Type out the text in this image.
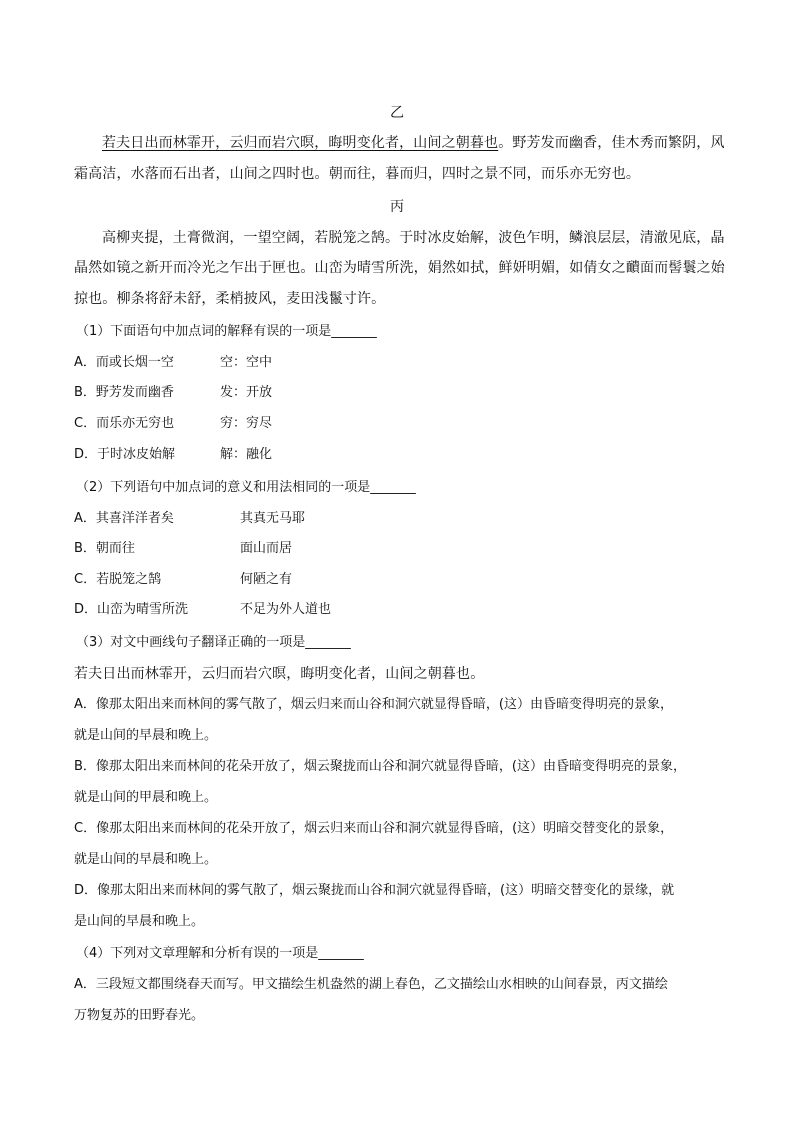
乙

若夫日出而林霏开，云归而岩穴暝，晦明变化者，山间之朝暮也。野芳发而幽香，佳木秀而繁阴，风

霜高洁，水落而石出者，山间之四时也。朝而往，暮而归，四时之景不同，而乐亦无穷也。

丙

高柳夹提，土膏微润，一望空阔，若脱笼之鹄。于时冰皮始解，波色乍明，鳞浪层层，清澈见底，晶

晶然如镜之新开而冷光之乍出于匣也。山峦为晴雪所洗，娟然如拭，鲜妍明媚，如倩女之靧面而髻鬟之始

掠也。柳条将舒未舒，柔梢披风，麦田浅鬣寸许。

（1）下面语句中加点词的解释有误的一项是_______

A．而或长烟一空	空：空中

B．野芳发而幽香	发：开放

C．而乐亦无穷也	穷：穷尽

D．于时冰皮始解	解：融化

（2）下列语句中加点词的意义和用法相同的一项是_______

A．其喜洋洋者矣	其真无马耶

B．朝而往	面山而居

C．若脱笼之鹄	何陋之有

D．山峦为晴雪所洗	不足为外人道也

（3）对文中画线句子翻译正确的一项是_______

若夫日出而林霏开，云归而岩穴暝，晦明变化者，山间之朝暮也。

A．像那太阳出来而林间的雾气散了，烟云归来而山谷和洞穴就显得昏暗，(这）由昏暗变得明亮的景象，

就是山间的早晨和晚上。

B．像那太阳出来而林间的花朵开放了，烟云聚拢而山谷和洞穴就显得昏暗，(这）由昏暗变得明亮的景象，

就是山间的甲晨和晚上。

C．像那太阳出来而林间的花朵开放了，烟云归来而山谷和洞穴就显得昏暗，(这）明暗交替变化的景象，

就是山间的早晨和晚上。

D．像那太阳出来而林间的雾气散了，烟云聚拢而山谷和洞穴就显得昏暗，(这）明暗交替变化的景缘，就

是山间的早晨和晚上。

（4）下列对文章理解和分析有误的一项是_______

A．三段短文都围绕春天而写。甲文描绘生机盎然的湖上春色，乙文描绘山水相映的山间春景，丙文描绘

万物复苏的田野春光。
